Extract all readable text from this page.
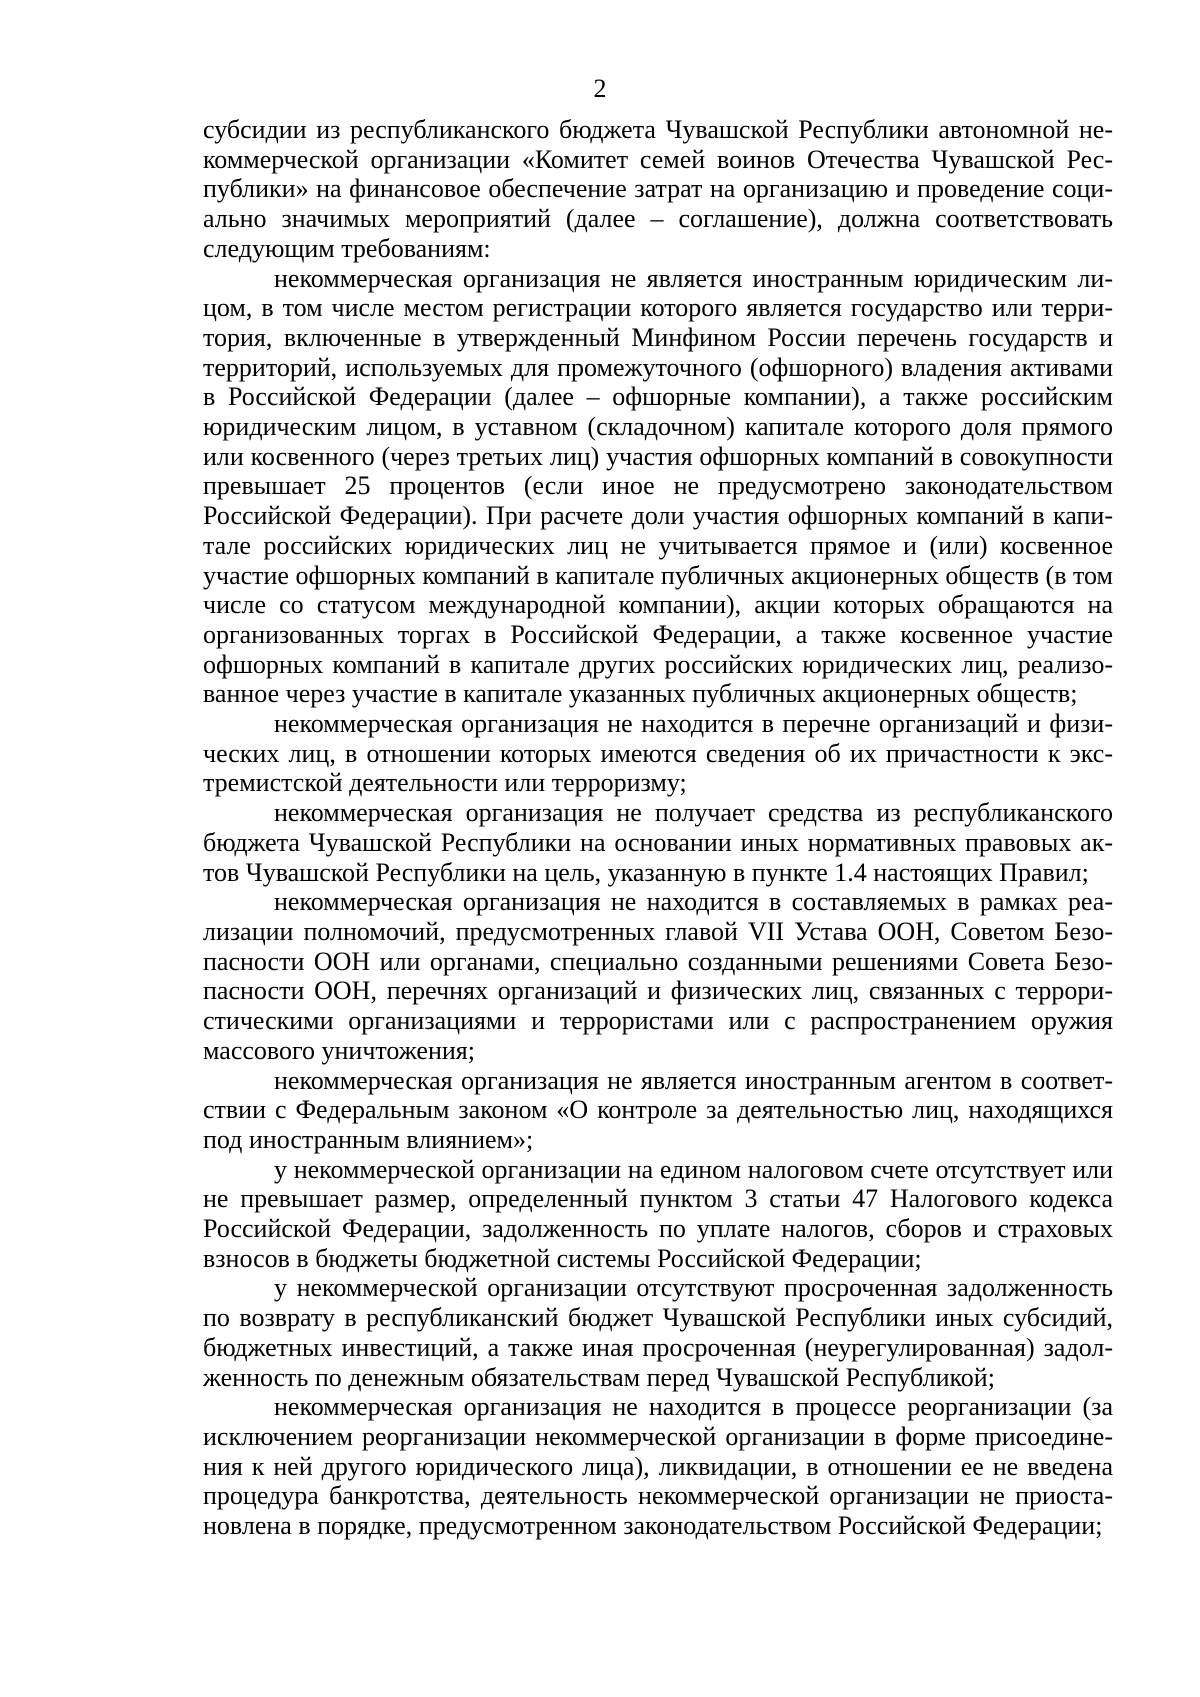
2

субсидии из республиканского бюджета Чувашской Республики автономной некоммерческой организации «Комитет семей воинов Отечества Чувашской Республики» на финансовое обеспечение затрат на организацию и проведение социально значимых мероприятий (далее – соглашение), должна соответствовать следующим требованиям:

некоммерческая организация не является иностранным юридическим лицом, в том числе местом регистрации которого является государство или территория, включенные в утвержденный Минфином России перечень государств и территорий, используемых для промежуточного (офшорного) владения активами в Российской Федерации (далее – офшорные компании), а также российским юридическим лицом, в уставном (складочном) капитале которого доля прямого или косвенного (через третьих лиц) участия офшорных компаний в совокупности превышает 25 процентов (если иное не предусмотрено законодательством Российской Федерации). При расчете доли участия офшорных компаний в капитале российских юридических лиц не учитывается прямое и (или) косвенное участие офшорных компаний в капитале публичных акционерных обществ (в том числе со статусом международной компании), акции которых обращаются на организованных торгах в Российской Федерации, а также косвенное участие офшорных компаний в капитале других российских юридических лиц, реализованное через участие в капитале указанных публичных акционерных обществ;

некоммерческая организация не находится в перечне организаций и физических лиц, в отношении которых имеются сведения об их причастности к экстремистской деятельности или терроризму;

некоммерческая организация не получает средства из республиканского бюджета Чувашской Республики на основании иных нормативных правовых актов Чувашской Республики на цель, указанную в пункте 1.4 настоящих Правил;

некоммерческая организация не находится в составляемых в рамках реализации полномочий, предусмотренных главой VII Устава ООН, Советом Безопасности ООН или органами, специально созданными решениями Совета Безопасности ООН, перечнях организаций и физических лиц, связанных с террористическими организациями и террористами или с распространением оружия массового уничтожения;

некоммерческая организация не является иностранным агентом в соответствии с Федеральным законом «О контроле за деятельностью лиц, находящихся под иностранным влиянием»;

у некоммерческой организации на едином налоговом счете отсутствует или не превышает размер, определенный пунктом 3 статьи 47 Налогового кодекса Российской Федерации, задолженность по уплате налогов, сборов и страховых взносов в бюджеты бюджетной системы Российской Федерации;

у некоммерческой организации отсутствуют просроченная задолженность по возврату в республиканский бюджет Чувашской Республики иных субсидий, бюджетных инвестиций, а также иная просроченная (неурегулированная) задолженность по денежным обязательствам перед Чувашской Республикой;

некоммерческая организация не находится в процессе реорганизации (за исключением реорганизации некоммерческой организации в форме присоединения к ней другого юридического лица), ликвидации, в отношении ее не введена процедура банкротства, деятельность некоммерческой организации не приостановлена в порядке, предусмотренном законодательством Российской Федерации;
